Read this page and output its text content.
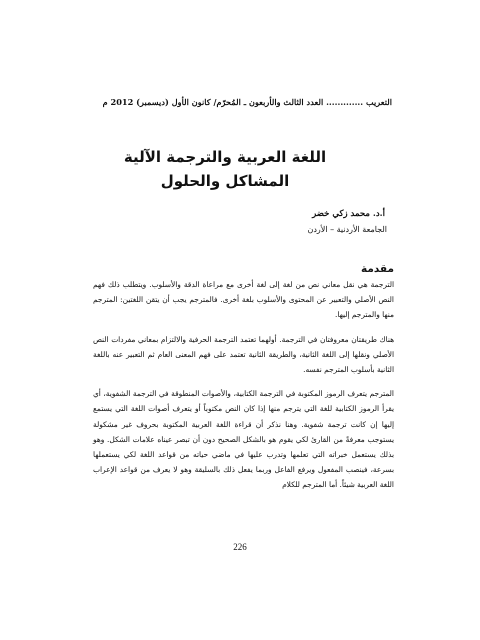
التعريب ............. العدد الثالث والأربعون ـ المُحرّم/ كانون الأول (ديسمبر) 2012 م
اللغة العربية والترجمة الآلية
المشاكل والحلول
أ.د. محمد زكي خضر
الجامعة الأردنية – الأردن
مقدمة

الترجمة هي نقل معاني نص من لغة إلى لغة أخرى مع مراعاة الدقة والأسلوب. ويتطلب ذلك فهم النص الأصلي والتعبير عن المحتوى والأسلوب بلغة أخرى. فالمترجم يجب أن يتقن اللغتين: المترجم منها والمترجم إليها.

هناك طريقتان معروفتان في الترجمة. أولهما تعتمد الترجمة الحرفية والالتزام بمعاني مفردات النص الأصلي ونقلها إلى اللغة الثانية، والطريقة الثانية تعتمد على فهم المعنى العام ثم التعبير عنه باللغة الثانية بأسلوب المترجم نفسه.

المترجم يتعرف الرموز المكتوبة في الترجمة الكتابية، والأصوات المنطوقة في الترجمة الشفوية، أي يقرأ الرموز الكتابية للغة التي يترجم منها إذا كان النص مكتوباً أو يتعرف أصوات اللغة التي يستمع إليها إن كانت ترجمة شفوية. وهنا نذكر أن قراءة اللغة العربية المكتوبة بحروف غير مشكولة يستوجب معرفةً من القارئ لكي يقوم هو بالشكل الصحيح دون أن تبصر عيناه علامات الشكل. وهو بذلك يستعمل خبراته التي تعلمها وتدرب عليها في ماضي حياته من قواعد اللغة لكي يستعملها بسرعة، فينصب المفعول ويرفع الفاعل وربما يفعل ذلك بالسليقة وهو لا يعرف من قواعد الإعراب اللغة العربية شيئاً. أما المترجم للكلام

226
